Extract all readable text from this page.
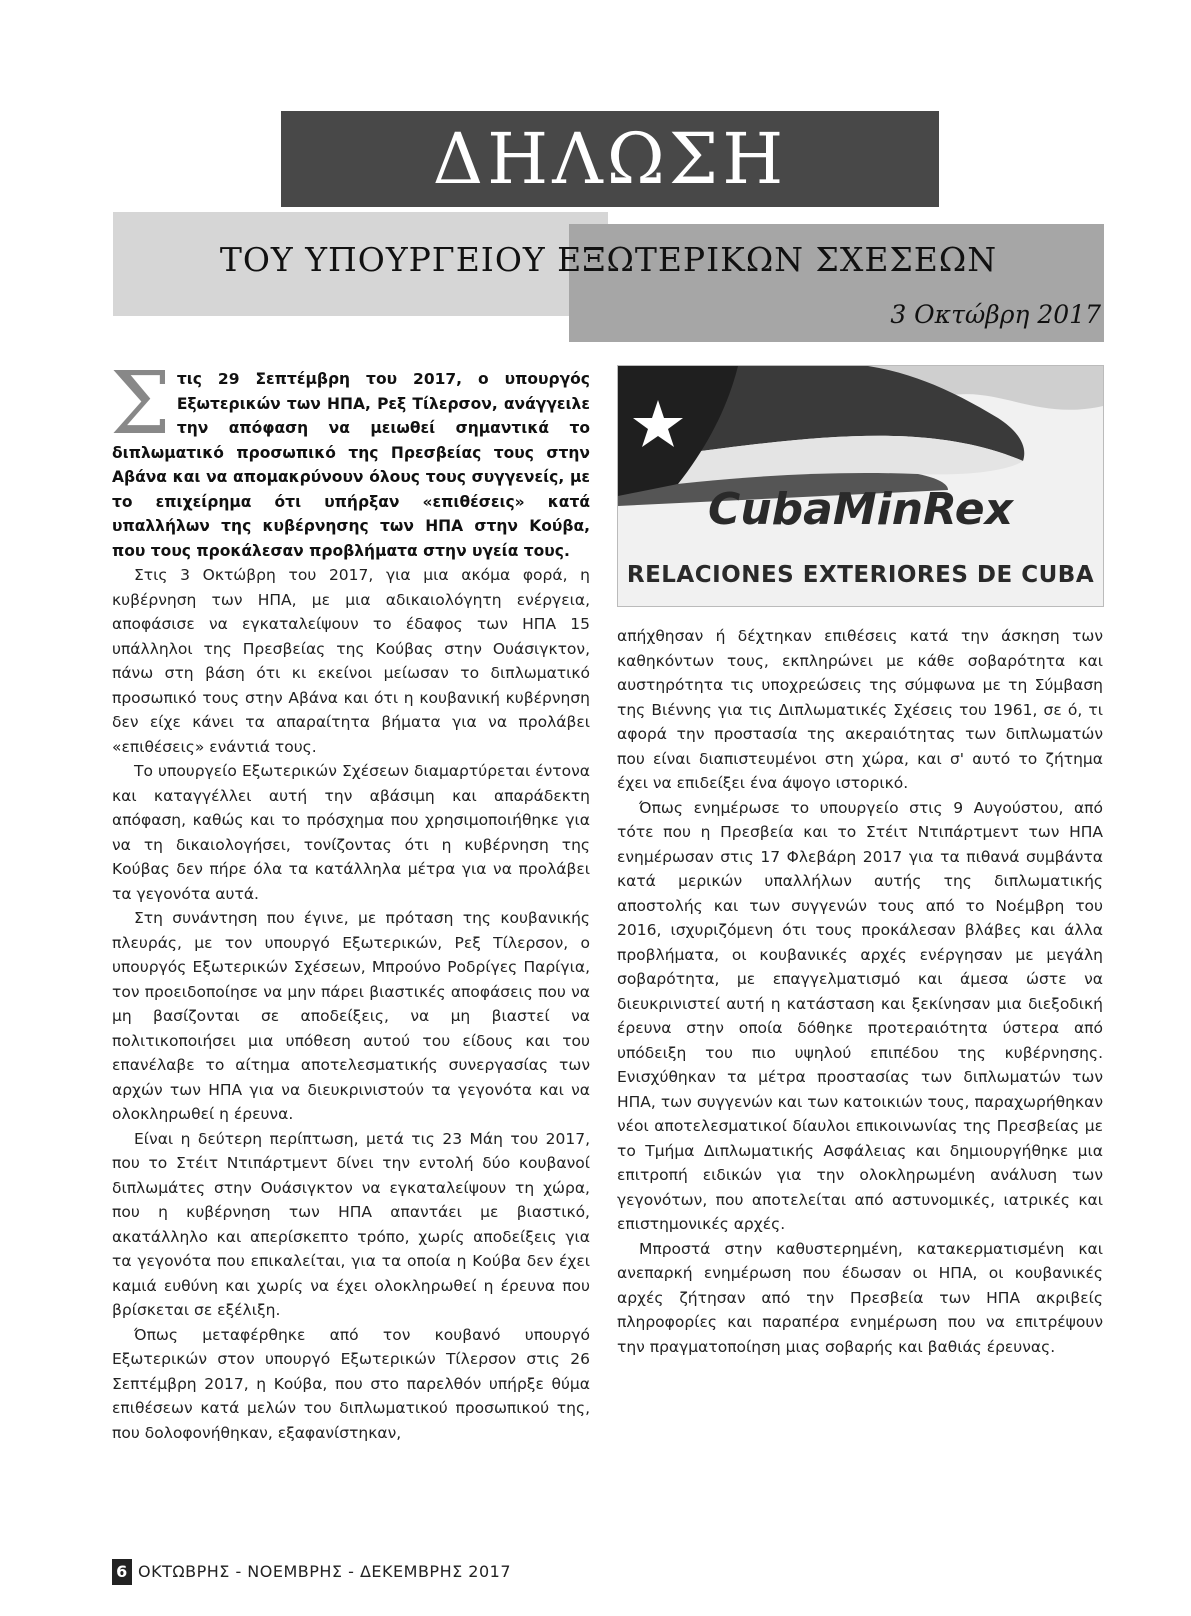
ΔΗΛΩΣΗ
ΤΟΥ ΥΠΟΥΡΓΕΙΟΥ ΕΞΩΤΕΡΙΚΩΝ ΣΧΕΣΕΩΝ
3 Οκτώβρη 2017

Στις 29 Σεπτέμβρη του 2017, ο υπουργός Εξωτερικών των ΗΠΑ, Ρεξ Τίλερσον, ανάγγειλε την απόφαση να μειωθεί σημαντικά το διπλωματικό προσωπικό της Πρεσβείας τους στην Αβάνα και να απομακρύνουν όλους τους συγγενείς, με το επιχείρημα ότι υπήρξαν «επιθέσεις» κατά υπαλλήλων της κυβέρνησης των ΗΠΑ στην Κούβα, που τους προκάλεσαν προβλήματα στην υγεία τους.

Στις 3 Οκτώβρη του 2017, για μια ακόμα φορά, η κυβέρνηση των ΗΠΑ, με μια αδικαιολόγητη ενέργεια, αποφάσισε να εγκαταλείψουν το έδαφος των ΗΠΑ 15 υπάλληλοι της Πρεσβείας της Κούβας στην Ουάσιγκτον, πάνω στη βάση ότι κι εκείνοι μείωσαν το διπλωματικό προσωπικό τους στην Αβάνα και ότι η κουβανική κυβέρνηση δεν είχε κάνει τα απαραίτητα βήματα για να προλάβει «επιθέσεις» ενάντιά τους.

Το υπουργείο Εξωτερικών Σχέσεων διαμαρτύρεται έντονα και καταγγέλλει αυτή την αβάσιμη και απαράδεκτη απόφαση, καθώς και το πρόσχημα που χρησιμοποιήθηκε για να τη δικαιολογήσει, τονίζοντας ότι η κυβέρνηση της Κούβας δεν πήρε όλα τα κατάλληλα μέτρα για να προλάβει τα γεγονότα αυτά.

Στη συνάντηση που έγινε, με πρόταση της κουβανικής πλευράς, με τον υπουργό Εξωτερικών, Ρεξ Τίλερσον, ο υπουργός Εξωτερικών Σχέσεων, Μπρούνο Ροδρίγες Παρίγια, τον προειδοποίησε να μην πάρει βιαστικές αποφάσεις που να μη βασίζονται σε αποδείξεις, να μη βιαστεί να πολιτικοποιήσει μια υπόθεση αυτού του είδους και του επανέλαβε το αίτημα αποτελεσματικής συνεργασίας των αρχών των ΗΠΑ για να διευκρινιστούν τα γεγονότα και να ολοκληρωθεί η έρευνα.

Είναι η δεύτερη περίπτωση, μετά τις 23 Μάη του 2017, που το Στέιτ Ντιπάρτμεντ δίνει την εντολή δύο κουβανοί διπλωμάτες στην Ουάσιγκτον να εγκαταλείψουν τη χώρα, που η κυβέρνηση των ΗΠΑ απαντάει με βιαστικό, ακατάλληλο και απερίσκεπτο τρόπο, χωρίς αποδείξεις για τα γεγονότα που επικαλείται, για τα οποία η Κούβα δεν έχει καμιά ευθύνη και χωρίς να έχει ολοκληρωθεί η έρευνα που βρίσκεται σε εξέλιξη.

Όπως μεταφέρθηκε από τον κουβανό υπουργό Εξωτερικών στον υπουργό Εξωτερικών Τίλερσον στις 26 Σεπτέμβρη 2017, η Κούβα, που στο παρελθόν υπήρξε θύμα επιθέσεων κατά μελών του διπλωματικού προσωπικού της, που δολοφονήθηκαν, εξαφανίστηκαν,

CubaMinRex
RELACIONES EXTERIORES DE CUBA

απήχθησαν ή δέχτηκαν επιθέσεις κατά την άσκηση των καθηκόντων τους, εκπληρώνει με κάθε σοβαρότητα και αυστηρότητα τις υποχρεώσεις της σύμφωνα με τη Σύμβαση της Βιέννης για τις Διπλωματικές Σχέσεις του 1961, σε ό, τι αφορά την προστασία της ακεραιότητας των διπλωματών που είναι διαπιστευμένοι στη χώρα, και σ' αυτό το ζήτημα έχει να επιδείξει ένα άψογο ιστορικό.

Όπως ενημέρωσε το υπουργείο στις 9 Αυγούστου, από τότε που η Πρεσβεία και το Στέιτ Ντιπάρτμεντ των ΗΠΑ ενημέρωσαν στις 17 Φλεβάρη 2017 για τα πιθανά συμβάντα κατά μερικών υπαλλήλων αυτής της διπλωματικής αποστολής και των συγγενών τους από το Νοέμβρη του 2016, ισχυριζόμενη ότι τους προκάλεσαν βλάβες και άλλα προβλήματα, οι κουβανικές αρχές ενέργησαν με μεγάλη σοβαρότητα, με επαγγελματισμό και άμεσα ώστε να διευκρινιστεί αυτή η κατάσταση και ξεκίνησαν μια διεξοδική έρευνα στην οποία δόθηκε προτεραιότητα ύστερα από υπόδειξη του πιο υψηλού επιπέδου της κυβέρνησης. Ενισχύθηκαν τα μέτρα προστασίας των διπλωματών των ΗΠΑ, των συγγενών και των κατοικιών τους, παραχωρήθηκαν νέοι αποτελεσματικοί δίαυλοι επικοινωνίας της Πρεσβείας με το Τμήμα Διπλωματικής Ασφάλειας και δημιουργήθηκε μια επιτροπή ειδικών για την ολοκληρωμένη ανάλυση των γεγονότων, που αποτελείται από αστυνομικές, ιατρικές και επιστημονικές αρχές.

Μπροστά στην καθυστερημένη, κατακερματισμένη και ανεπαρκή ενημέρωση που έδωσαν οι ΗΠΑ, οι κουβανικές αρχές ζήτησαν από την Πρεσβεία των ΗΠΑ ακριβείς πληροφορίες και παραπέρα ενημέρωση που να επιτρέψουν την πραγματοποίηση μιας σοβαρής και βαθιάς έρευνας.

6 ΟΚΤΩΒΡΗΣ - ΝΟΕΜΒΡΗΣ - ΔΕΚΕΜΒΡΗΣ 2017
